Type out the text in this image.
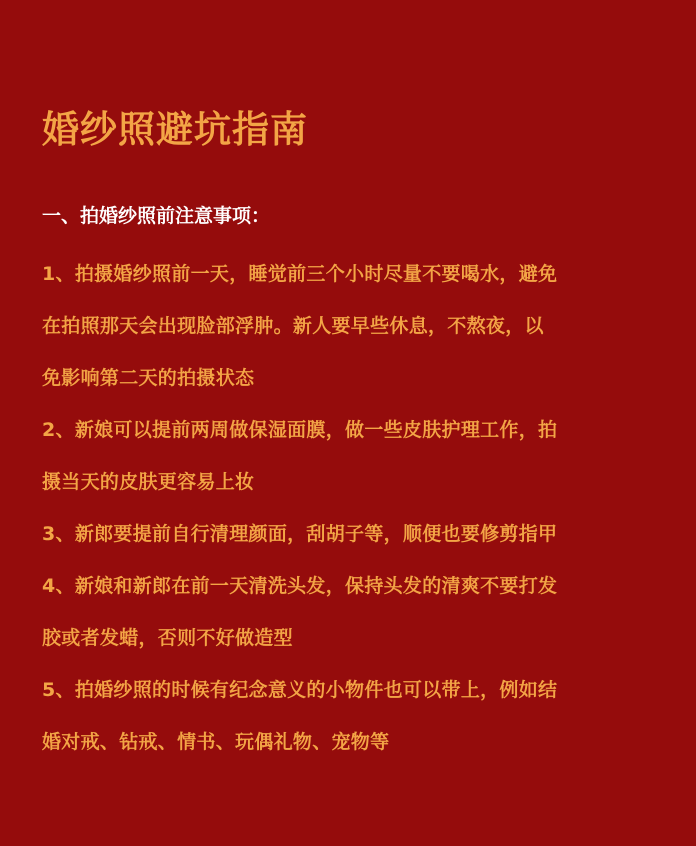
婚纱照避坑指南
一、拍婚纱照前注意事项：
1、拍摄婚纱照前一天，睡觉前三个小时尽量不要喝水，避免
在拍照那天会出现脸部浮肿。新人要早些休息，不熬夜，以
免影响第二天的拍摄状态
2、新娘可以提前两周做保湿面膜，做一些皮肤护理工作，拍
摄当天的皮肤更容易上妆
3、新郎要提前自行清理颜面，刮胡子等，顺便也要修剪指甲
4、新娘和新郎在前一天清洗头发，保持头发的清爽不要打发
胶或者发蜡，否则不好做造型
5、拍婚纱照的时候有纪念意义的小物件也可以带上，例如结
婚对戒、钻戒、情书、玩偶礼物、宠物等
